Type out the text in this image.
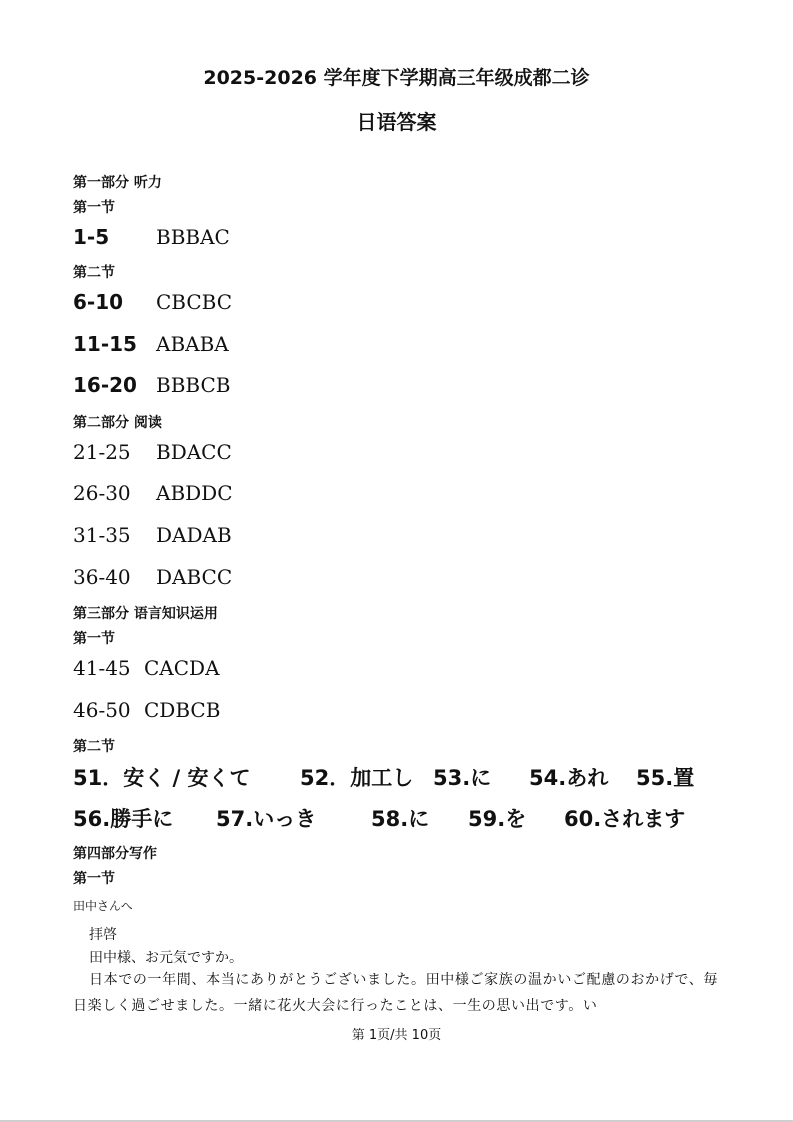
2025-2026 学年度下学期高三年级成都二诊
日语答案
第一部分 听力
第一节
1-5 BBBAC
第二节
6-10 CBCBC
11-15 ABABA
16-20 BBBCB
第二部分 阅读
21-25 BDACC
26-30 ABDDC
31-35 DADAB
36-40 DABCC
第三部分 语言知识运用
第一节
41-45 CACDA
46-50 CDBCB
第二节
51．安く / 安くて 52．加工し 53.に 54.あれ 55.置
56.勝手に 57.いっき	58.に 59.を 60.されます
第四部分写作
第一节
田中さんへ
拝啓
田中様、お元気ですか。
日本での一年間、本当にありがとうございました。田中様ご家族の温かいご配慮のおかげで、毎日楽しく過ごせました。一緒に花火大会に行ったことは、一生の思い出です。い
第 1页/共 10页
